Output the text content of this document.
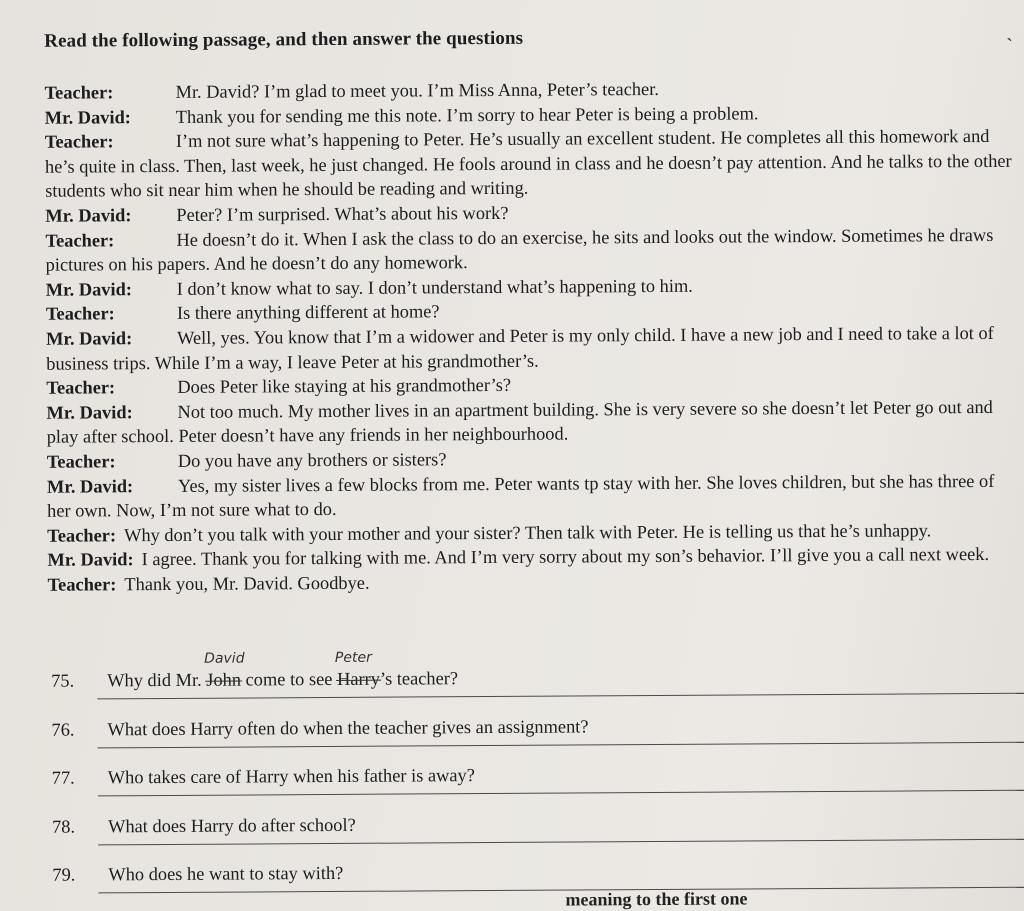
Read the following passage, and then answer the questions	ˎ

Teacher:	Mr. David? I’m glad to meet you. I’m Miss Anna, Peter’s teacher.

Mr. David: Thank you for sending me this note. I’m sorry to hear Peter is being a problem.

Teacher:	I’m not sure what’s happening to Peter. He’s usually an excellent student. He completes all this homework and he’s quite in class. Then, last week, he just changed. He fools around in class and he doesn’t pay attention. And he talks to the other students who sit near him when he should be reading and writing.

Mr. David: Peter? I’m surprised. What’s about his work?

Teacher:	He doesn’t do it. When I ask the class to do an exercise, he sits and looks out the window. Sometimes he draws pictures on his papers. And he doesn’t do any homework.

Mr. David: I don’t know what to say. I don’t understand what’s happening to him.

Teacher:	Is there anything different at home?

Mr. David: Well, yes. You know that I’m a widower and Peter is my only child. I have a new job and I need to take a lot of business trips. While I’m a way, I leave Peter at his grandmother’s.

Teacher:	Does Peter like staying at his grandmother’s?

Mr. David: Not too much. My mother lives in an apartment building. She is very severe so she doesn’t let Peter go out and play after school. Peter doesn’t have any friends in her neighbourhood.

Teacher:	Do you have any brothers or sisters?

Mr. David: Yes, my sister lives a few blocks from me. Peter wants tp stay with her. She loves children, but she has three of her own. Now, I’m not sure what to do.

Teacher: Why don’t you talk with your mother and your sister? Then talk with Peter. He is telling us that he’s unhappy.

Mr. David: I agree. Thank you for talking with me. And I’m very sorry about my son’s behavior. I’ll give you a call next week.

Teacher: Thank you, Mr. David. Goodbye.

75. Why did Mr.
David
John come to see
Peter
Harry’s teacher?
76. What does Harry often do when the teacher gives an assignment?
77. Who takes care of Harry when his father is away?
78. What does Harry do after school?
79. Who does he want to stay with?
meaning to the first one
